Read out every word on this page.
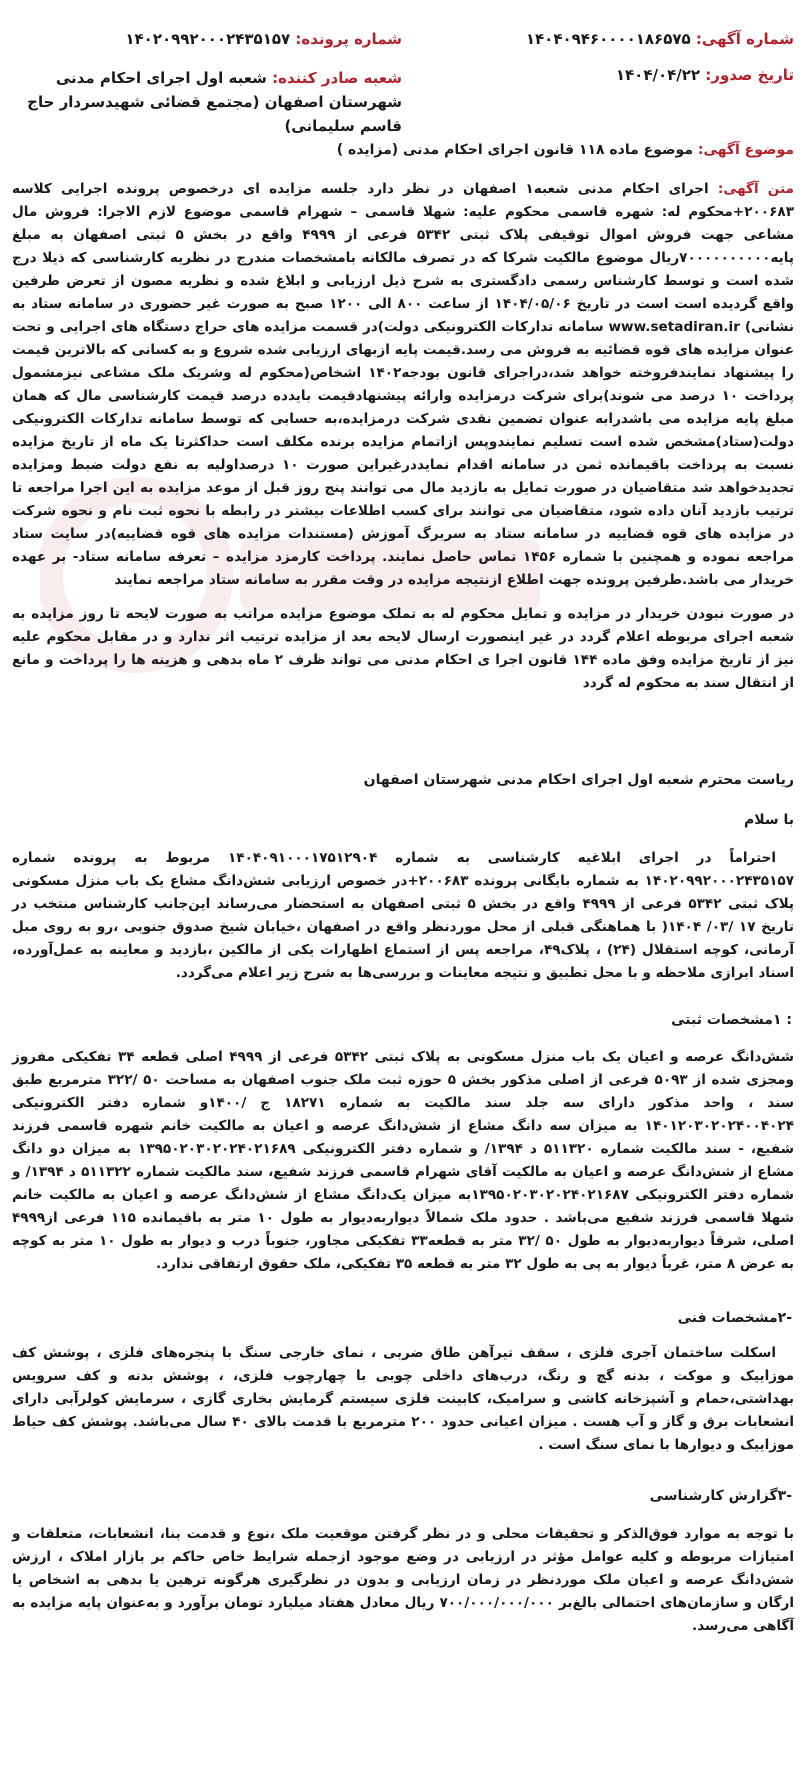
شماره آگهی: ۱۴۰۴۰۹۴۶۰۰۰۰۱۸۶۵۷۵
شماره پرونده: ۱۴۰۲۰۹۹۲۰۰۰۲۴۳۵۱۵۷
تاریخ صدور: ۱۴۰۴/۰۴/۲۲
شعبه صادر کننده: شعبه اول اجرای احکام مدنی شهرستان اصفهان (مجتمع قضائی شهیدسردار حاج قاسم سلیمانی)
موضوع آگهی: موضوع ماده ۱۱۸ قانون اجرای احکام مدنی (مزایده )

متن آگهی: اجرای احکام مدنی شعبه۱ اصفهان در نظر دارد جلسه مزایده ای درخصوص پرونده اجرایی کلاسه ۲۰۰۶۸۳+محکوم له: شهره قاسمی محکوم علیه: شهلا قاسمی – شهرام قاسمی موضوع لازم الاجرا: فروش مال مشاعی جهت فروش اموال توقیفی پلاک ثبتی ۵۳۴۲ فرعی از ۴۹۹۹ واقع در بخش ۵ ثبتی اصفهان به مبلغ پایه۷۰۰۰۰۰۰۰۰۰۰ریال موضوع مالکیت شرکا که در تصرف مالکانه بامشخصات مندرج در نظریه کارشناسی که ذیلا درج شده است و توسط کارشناس رسمی دادگستری به شرح ذیل ارزیابی و ابلاغ شده و نظریه مصون از تعرض طرفین واقع گردیده است است در تاریخ ۱۴۰۴/۰۵/۰۶ از ساعت ۸۰۰ الی ۱۲۰۰ صبح به صورت غیر حضوری در سامانه ستاد به نشانی) www.setadiran.ir سامانه تدارکات الکترونیکی دولت)در قسمت مزایده های حراج دستگاه های اجرایی و تحت عنوان مزایده های قوه قضائیه به فروش می رسد.قیمت پایه ازبهای ارزیابی شده شروع و به کسانی که بالاترین قیمت را پیشنهاد نمایندفروخته خواهد شد،دراجرای قانون بودجه۱۴۰۲ اشخاص(محکوم له وشریک ملک مشاعی نیزمشمول پرداخت ۱۰ درصد می شوند)برای شرکت درمزایده وارائه پیشنهادقیمت بایدده درصد قیمت کارشناسی مال که همان مبلغ پایه مزایده می باشدرابه عنوان تضمین نقدی شرکت درمزایده،به حسابی که توسط سامانه تدارکات الکترونیکی دولت(ستاد)مشخص شده است تسلیم نمایندوپس ازاتمام مزایده برنده مکلف است حداکثرتا یک ماه از تاریخ مزایده نسبت به پرداخت باقیمانده ثمن در سامانه اقدام نمایددرغیراین صورت ۱۰ درصداولیه به نفع دولت ضبط ومزایده تجدیدخواهد شد متقاضیان در صورت تمایل به بازدید مال می توانند پنج روز قبل از موعد مزایده به این اجرا مراجعه تا ترتیب بازدید آنان داده شود، متقاضیان می توانند برای کسب اطلاعات بیشتر در رابطه با نحوه ثبت نام و نحوه شرکت در مزایده های قوه قضاییه در سامانه ستاد به سربرگ آموزش (مستندات مزایده های قوه قضاییه)در سایت ستاد مراجعه نموده و همچنین با شماره ۱۴۵۶ تماس حاصل نمایند. پرداخت کارمزد مزایده – تعرفه سامانه ستاد- بر عهده خریدار می باشد.طرفین پرونده جهت اطلاع ازنتیجه مزایده در وقت مقرر به سامانه ستاد مراجعه نمایند

در صورت نبودن خریدار در مزایده و تمایل محکوم له به تملک موضوع مزایده مراتب به صورت لایحه تا روز مزایده به شعبه اجرای مربوطه اعلام گردد در غیر اینصورت ارسال لایحه بعد از مزایده ترتیب اثر ندارد و در مقابل محکوم علیه نیز از تاریخ مزایده وفق ماده ۱۴۴ قانون اجرا ی احکام مدنی می تواند ظرف ۲ ماه بدهی و هزینه ها را پرداخت و مانع از انتقال سند به محکوم له گردد

ریاست محترم شعبه اول اجرای احکام مدنی شهرستان اصفهان
با سلام

احتراماً در اجرای ابلاغیه کارشناسی به شماره ۱۴۰۴۰۹۱۰۰۰۱۷۵۱۲۹۰۴ مربوط به پرونده شماره ۱۴۰۲۰۹۹۲۰۰۰۲۴۳۵۱۵۷ به شماره بایگانی پرونده ۲۰۰۶۸۳+در خصوص ارزیابی شش‌دانگ مشاع یک باب منزل مسکونی پلاک ثبتی ۵۳۴۲ فرعی از ۴۹۹۹ واقع در بخش ۵ ثبتی اصفهان به استحضار می‌رساند این‌جانب کارشناس منتخب در تاریخ ۱۷ /۰۳/ ۱۴۰۴( با هماهنگی قبلی از محل موردنظر واقع در اصفهان ،خیابان شیخ صدوق جنوبی ،رو به روی مبل آرمانی، کوچه استقلال (۲۴) ، پلاک۴۹، مراجعه پس از استماع اظهارات یکی از مالکین ،بازدید و معاینه به عمل‌آورده، اسناد ابرازی ملاحظه و با محل تطبیق و نتیجه معاینات و بررسی‌ها به شرح زیر اعلام می‌گردد.

: ۱مشخصات ثبتی

شش‌دانگ عرصه و اعیان یک باب منزل مسکونی به پلاک ثبتی ۵۳۴۲ فرعی از ۴۹۹۹ اصلی قطعه ۳۴ تفکیکی مفروز ومجزی شده از ۵۰۹۳ فرعی از اصلی مذکور بخش ۵ حوزه ثبت ملک جنوب اصفهان به مساحت ۵۰ /۳۲۲ مترمربع طبق سند ، واحد مذکور دارای سه جلد سند مالکیت به شماره ۱۸۲۷۱ ج /۱۴۰۰و شماره دفتر الکترونیکی ۱۴۰۱۲۰۳۰۲۰۲۴۰۰۴۰۲۴ به میزان سه دانگ مشاع از شش‌دانگ عرصه و اعیان به مالکیت خانم شهره قاسمی فرزند شفیع، - سند مالکیت شماره ۵۱۱۳۲۰ د ۱۳۹۴/ و شماره دفتر الکترونیکی ۱۳۹۵۰۲۰۳۰۲۰۲۴۰۲۱۶۸۹ به میزان دو دانگ مشاع از شش‌دانگ عرصه و اعیان به مالکیت آقای شهرام قاسمی فرزند شفیع، سند مالکیت شماره ۵۱۱۳۲۲ د ۱۳۹۴/ و شماره دفتر الکترونیکی ۱۳۹۵۰۲۰۳۰۲۰۲۴۰۲۱۶۸۷به میزان یک‌دانگ مشاع از شش‌دانگ عرصه و اعیان به مالکیت خانم شهلا قاسمی فرزند شفیع می‌باشد . حدود ملک شمالاً دیواربه‌دیوار به طول ۱۰ متر به باقیمانده ۱۱۵ فرعی از۴۹۹۹ اصلی، شرقاً دیواربه‌دیوار به طول ۵۰ /۳۲ متر به قطعه۳۳ تفکیکی مجاور، جنوباً درب و دیوار به طول ۱۰ متر به کوچه به عرض ۸ متر، غرباً دیوار به پی به طول ۳۲ متر به قطعه ۳۵ تفکیکی، ملک حقوق ارتفاقی ندارد.

-۲مشخصات فنی

اسکلت ساختمان آجری فلزی ، سقف تیرآهن طاق ضربی ، نمای خارجی سنگ با پنجره‌های فلزی ، پوشش کف موزاییک و موکت ، بدنه گچ و رنگ، درب‌های داخلی چوبی با چهارچوب فلزی، ، پوشش بدنه و کف سرویس بهداشتی،حمام و آشپزخانه کاشی و سرامیک، کابینت فلزی سیستم گرمایش بخاری گازی ، سرمایش کولرآبی دارای انشعابات برق و گاز و آب هست . میزان اعیانی حدود ۲۰۰ مترمربع با قدمت بالای ۴۰ سال می‌باشد. پوشش کف حیاط موزاییک و دیوارها با نمای سنگ است .

-۳گزارش کارشناسی

با توجه به موارد فوق‌الذکر و تحقیقات محلی و در نظر گرفتن موقعیت ملک ،نوع و قدمت بنا، انشعابات، متعلقات و امتیازات مربوطه و کلیه عوامل مؤثر در ارزیابی در وضع موجود ازجمله شرایط خاص حاکم بر بازار املاک ، ارزش شش‌دانگ عرصه و اعیان ملک موردنظر در زمان ارزیابی و بدون در نظرگیری هرگونه ترهین یا بدهی به اشخاص یا ارگان و سازمان‌های احتمالی بالغ‌بر ۷۰۰/۰۰۰/۰۰۰/۰۰۰ ریال معادل هفتاد میلیارد تومان برآورد و به‌عنوان پایه مزایده به آگاهی می‌رسد.
